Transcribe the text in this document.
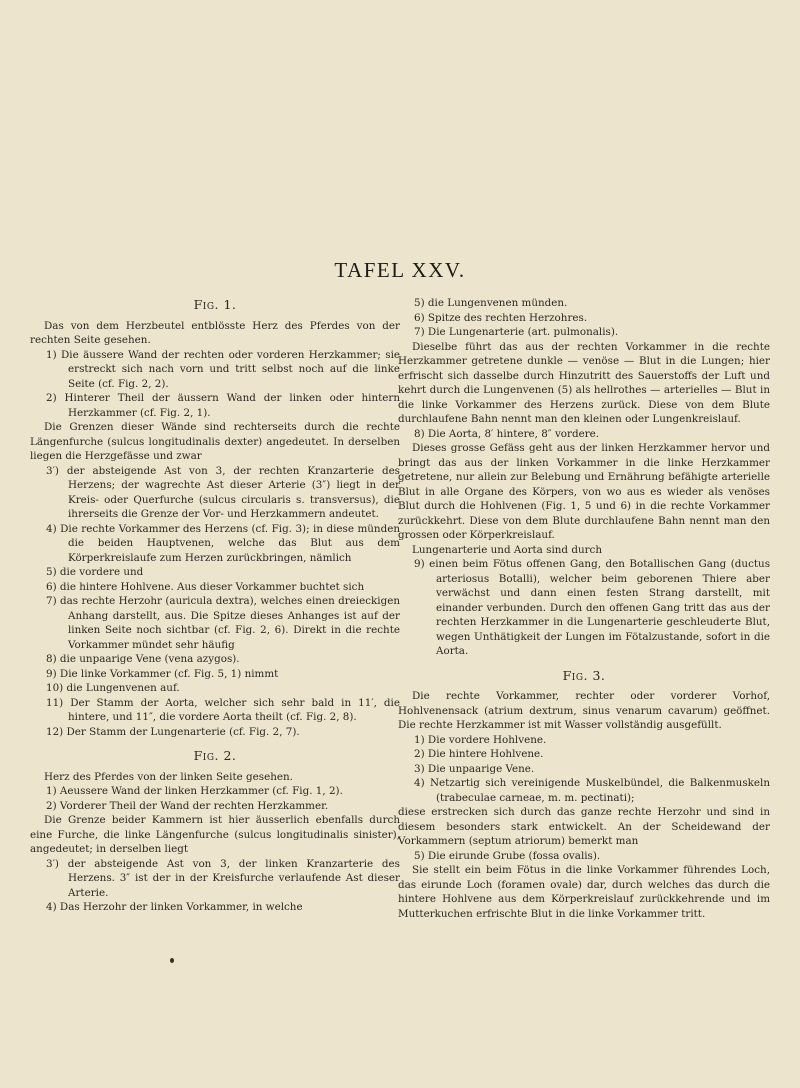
TAFEL XXV.
Fig. 1.

Das von dem Herzbeutel entblösste Herz des Pferdes von der rechten Seite gesehen.

1) Die äussere Wand der rechten oder vorderen Herzkammer; sie erstreckt sich nach vorn und tritt selbst noch auf die linke Seite (cf. Fig. 2, 2).

2) Hinterer Theil der äussern Wand der linken oder hintern Herzkammer (cf. Fig. 2, 1).

Die Grenzen dieser Wände sind rechterseits durch die rechte Längenfurche (sulcus longitudinalis dexter) angedeutet. In derselben liegen die Herzgefässe und zwar

3′) der absteigende Ast von 3, der rechten Kranzarterie des Herzens; der wagrechte Ast dieser Arterie (3″) liegt in der Kreis- oder Querfurche (sulcus circularis s. transversus), die ihrerseits die Grenze der Vor- und Herzkammern andeutet.

4) Die rechte Vorkammer des Herzens (cf. Fig. 3); in diese münden die beiden Hauptvenen, welche das Blut aus dem Körperkreislaufe zum Herzen zurückbringen, nämlich

5) die vordere und

6) die hintere Hohlvene. Aus dieser Vorkammer buchtet sich

7) das rechte Herzohr (auricula dextra), welches einen dreieckigen Anhang darstellt, aus. Die Spitze dieses Anhanges ist auf der linken Seite noch sichtbar (cf. Fig. 2, 6). Direkt in die rechte Vorkammer mündet sehr häufig

8) die unpaarige Vene (vena azygos).

9) Die linke Vorkammer (cf. Fig. 5, 1) nimmt

10) die Lungenvenen auf.

11) Der Stamm der Aorta, welcher sich sehr bald in 11′, die hintere, und 11″, die vordere Aorta theilt (cf. Fig. 2, 8).

12) Der Stamm der Lungenarterie (cf. Fig. 2, 7).

Fig. 2.

Herz des Pferdes von der linken Seite gesehen.

1) Aeussere Wand der linken Herzkammer (cf. Fig. 1, 2).

2) Vorderer Theil der Wand der rechten Herzkammer.

Die Grenze beider Kammern ist hier äusserlich ebenfalls durch eine Furche, die linke Längenfurche (sulcus longitudinalis sinister), angedeutet; in derselben liegt

3′) der absteigende Ast von 3, der linken Kranzarterie des Herzens. 3″ ist der in der Kreisfurche verlaufende Ast dieser Arterie.

4) Das Herzohr der linken Vorkammer, in welche

5) die Lungenvenen münden.

6) Spitze des rechten Herzohres.

7) Die Lungenarterie (art. pulmonalis).

Dieselbe führt das aus der rechten Vorkammer in die rechte Herzkammer getretene dunkle — venöse — Blut in die Lungen; hier erfrischt sich dasselbe durch Hinzutritt des Sauerstoffs der Luft und kehrt durch die Lungenvenen (5) als hellrothes — arterielles — Blut in die linke Vorkammer des Herzens zurück. Diese von dem Blute durchlaufene Bahn nennt man den kleinen oder Lungenkreislauf.

8) Die Aorta, 8′ hintere, 8″ vordere.

Dieses grosse Gefäss geht aus der linken Herzkammer hervor und bringt das aus der linken Vorkammer in die linke Herzkammer getretene, nur allein zur Belebung und Ernährung befähigte arterielle Blut in alle Organe des Körpers, von wo aus es wieder als venöses Blut durch die Hohlvenen (Fig. 1, 5 und 6) in die rechte Vorkammer zurückkehrt. Diese von dem Blute durchlaufene Bahn nennt man den grossen oder Körperkreislauf.

Lungenarterie und Aorta sind durch

9) einen beim Fötus offenen Gang, den Botallischen Gang (ductus arteriosus Botalli), welcher beim geborenen Thiere aber verwächst und dann einen festen Strang darstellt, mit einander verbunden. Durch den offenen Gang tritt das aus der rechten Herzkammer in die Lungenarterie geschleuderte Blut, wegen Unthätigkeit der Lungen im Fötalzustande, sofort in die Aorta.

Fig. 3.

Die rechte Vorkammer, rechter oder vorderer Vorhof, Hohlvenensack (atrium dextrum, sinus venarum cavarum) geöffnet. Die rechte Herzkammer ist mit Wasser vollständig ausgefüllt.

1) Die vordere Hohlvene.

2) Die hintere Hohlvene.

3) Die unpaarige Vene.

4) Netzartig sich vereinigende Muskelbündel, die Balkenmuskeln (trabeculae carneae, m. m. pectinati);

diese erstrecken sich durch das ganze rechte Herzohr und sind in diesem besonders stark entwickelt. An der Scheidewand der Vorkammern (septum atriorum) bemerkt man

5) Die eirunde Grube (fossa ovalis).

Sie stellt ein beim Fötus in die linke Vorkammer führendes Loch, das eirunde Loch (foramen ovale) dar, durch welches das durch die hintere Hohlvene aus dem Körperkreislauf zurückkehrende und im Mutterkuchen erfrischte Blut in die linke Vorkammer tritt.
